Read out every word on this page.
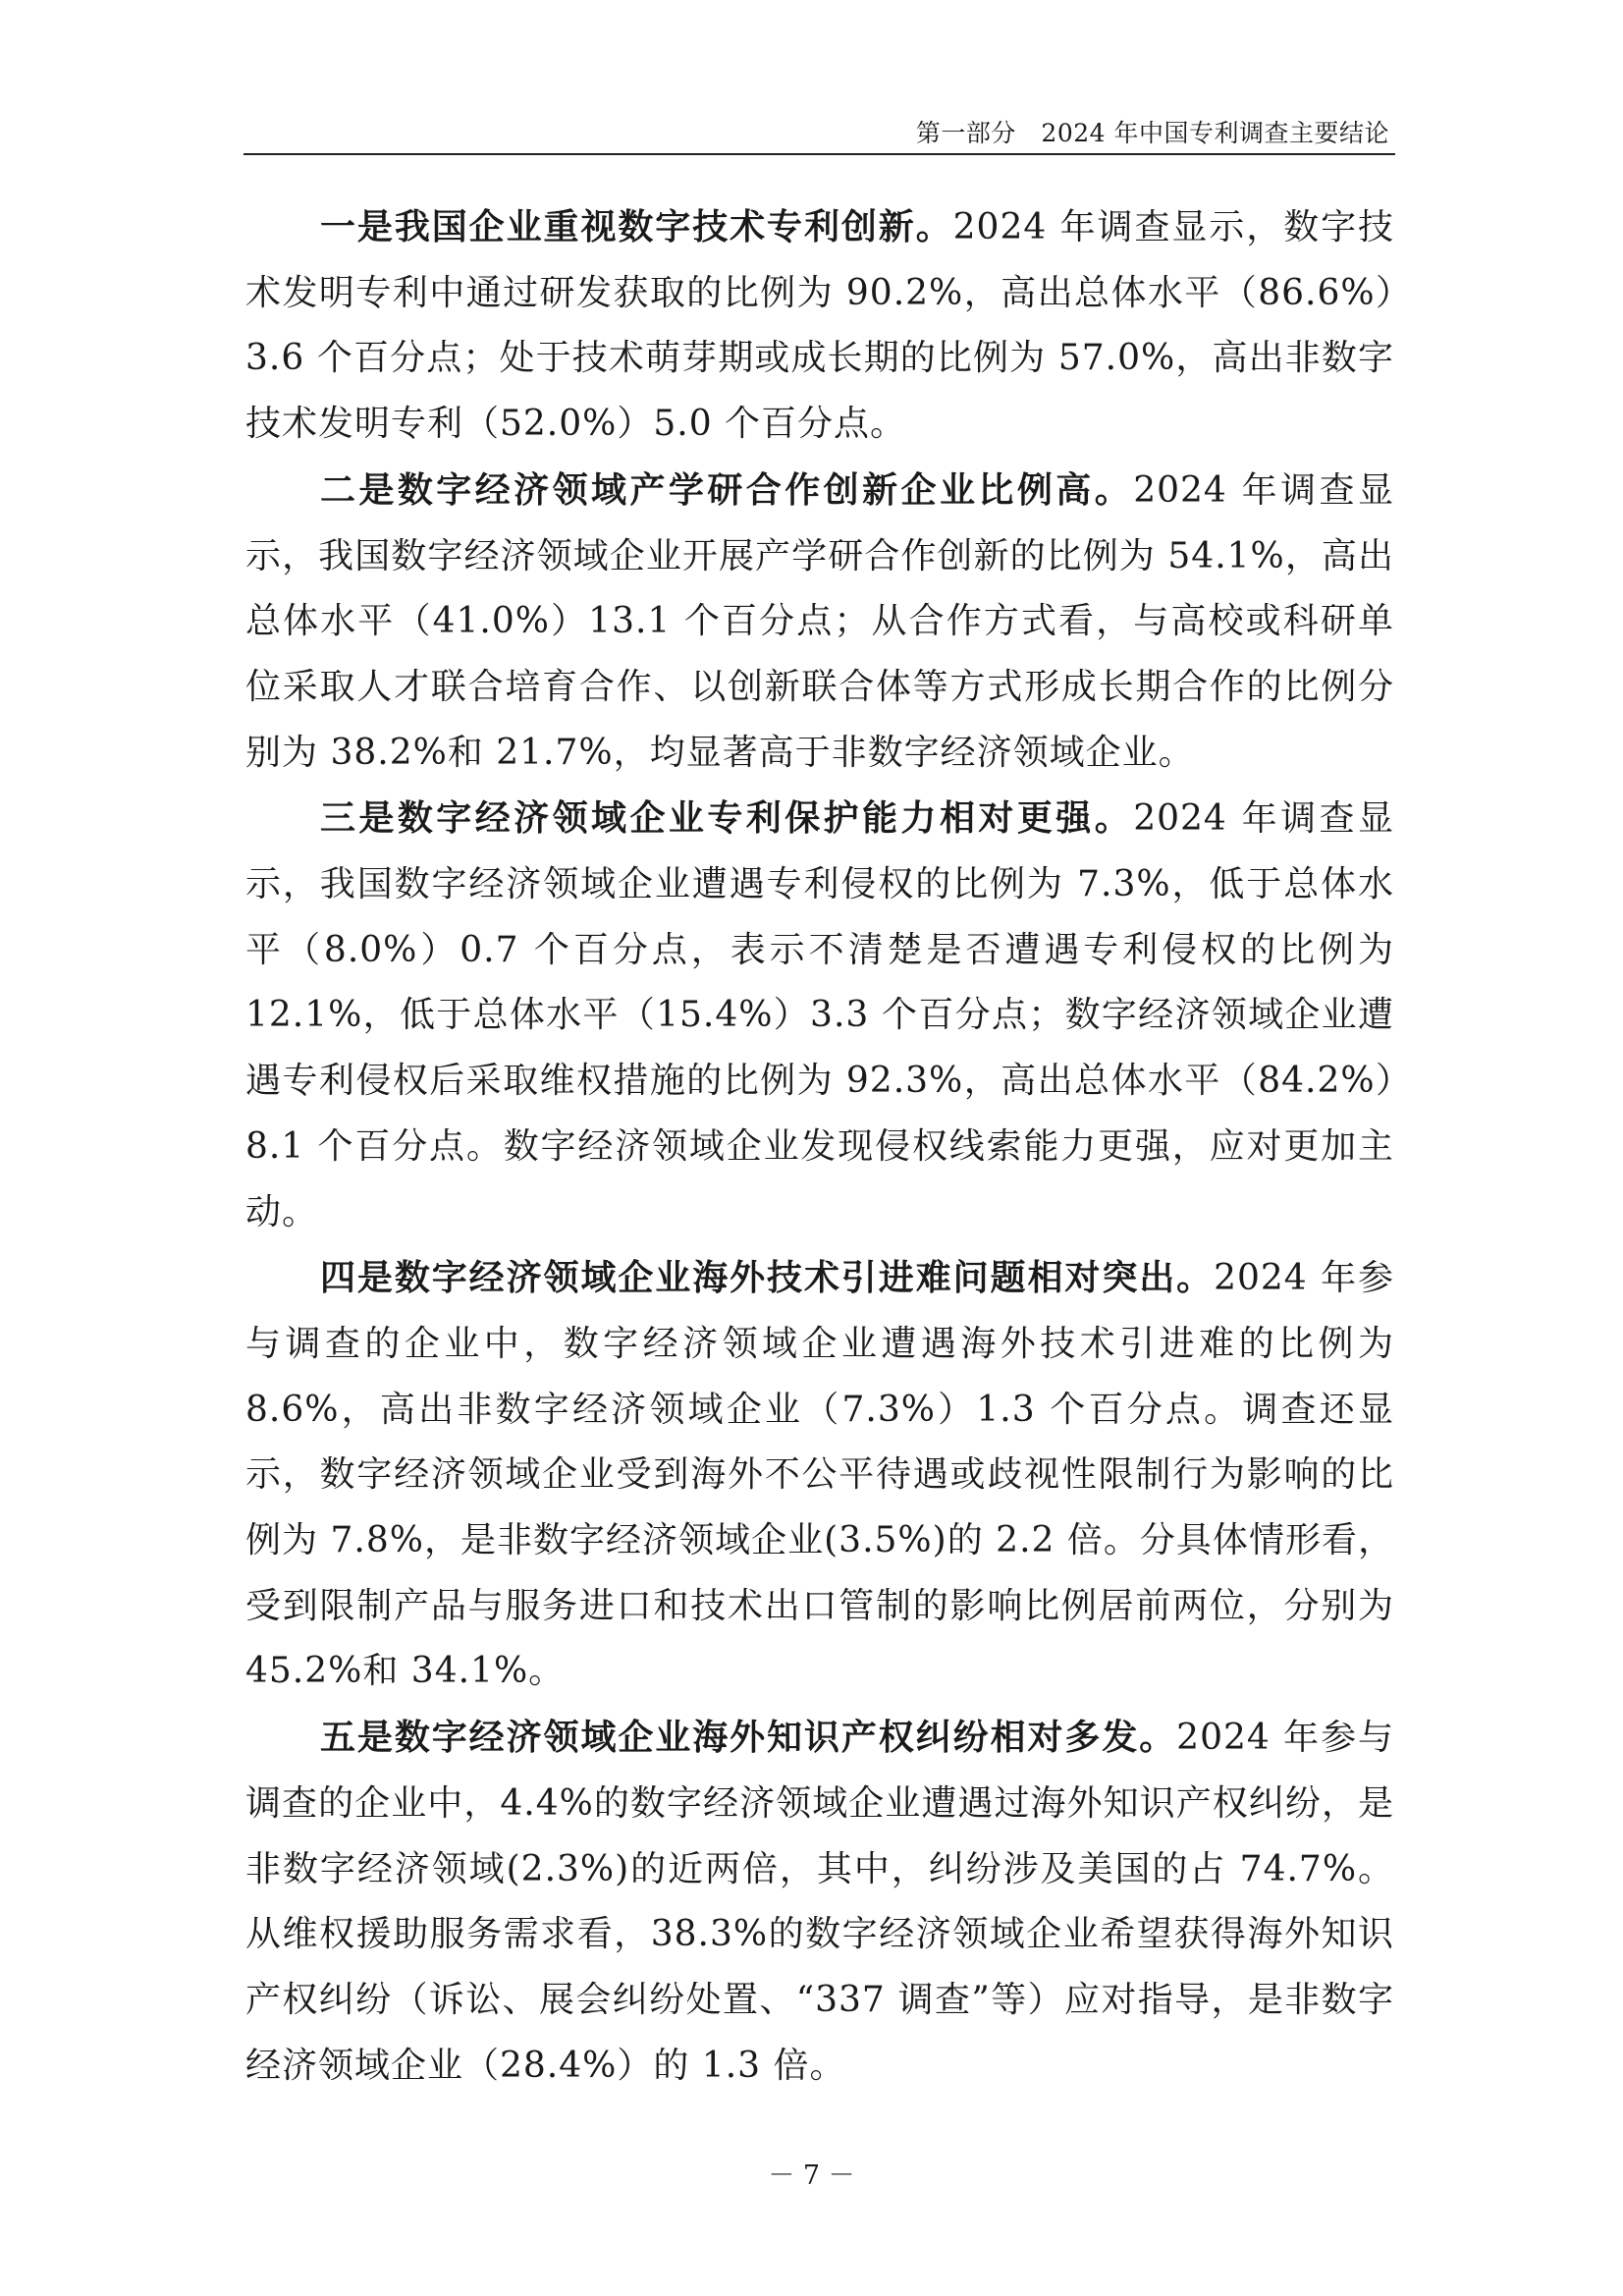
第一部分　2024 年中国专利调查主要结论

一是我国企业重视数字技术专利创新。2024 年调查显示，数字技术发明专利中通过研发获取的比例为 90.2%，高出总体水平（86.6%）3.6 个百分点；处于技术萌芽期或成长期的比例为 57.0%，高出非数字技术发明专利（52.0%）5.0 个百分点。

二是数字经济领域产学研合作创新企业比例高。2024 年调查显示，我国数字经济领域企业开展产学研合作创新的比例为 54.1%，高出总体水平（41.0%）13.1 个百分点；从合作方式看，与高校或科研单位采取人才联合培育合作、以创新联合体等方式形成长期合作的比例分别为 38.2%和 21.7%，均显著高于非数字经济领域企业。

三是数字经济领域企业专利保护能力相对更强。2024 年调查显示，我国数字经济领域企业遭遇专利侵权的比例为 7.3%，低于总体水平（8.0%）0.7 个百分点，表示不清楚是否遭遇专利侵权的比例为 12.1%，低于总体水平（15.4%）3.3 个百分点；数字经济领域企业遭遇专利侵权后采取维权措施的比例为 92.3%，高出总体水平（84.2%）8.1 个百分点。数字经济领域企业发现侵权线索能力更强，应对更加主动。

四是数字经济领域企业海外技术引进难问题相对突出。2024 年参与调查的企业中，数字经济领域企业遭遇海外技术引进难的比例为 8.6%，高出非数字经济领域企业（7.3%）1.3 个百分点。调查还显示，数字经济领域企业受到海外不公平待遇或歧视性限制行为影响的比例为 7.8%，是非数字经济领域企业(3.5%)的 2.2 倍。分具体情形看，受到限制产品与服务进口和技术出口管制的影响比例居前两位，分别为 45.2%和 34.1%。

五是数字经济领域企业海外知识产权纠纷相对多发。2024 年参与调查的企业中，4.4%的数字经济领域企业遭遇过海外知识产权纠纷，是非数字经济领域(2.3%)的近两倍，其中，纠纷涉及美国的占 74.7%。从维权援助服务需求看，38.3%的数字经济领域企业希望获得海外知识产权纠纷（诉讼、展会纠纷处置、“337 调查”等）应对指导，是非数字经济领域企业（28.4%）的 1.3 倍。

－ 7 －
